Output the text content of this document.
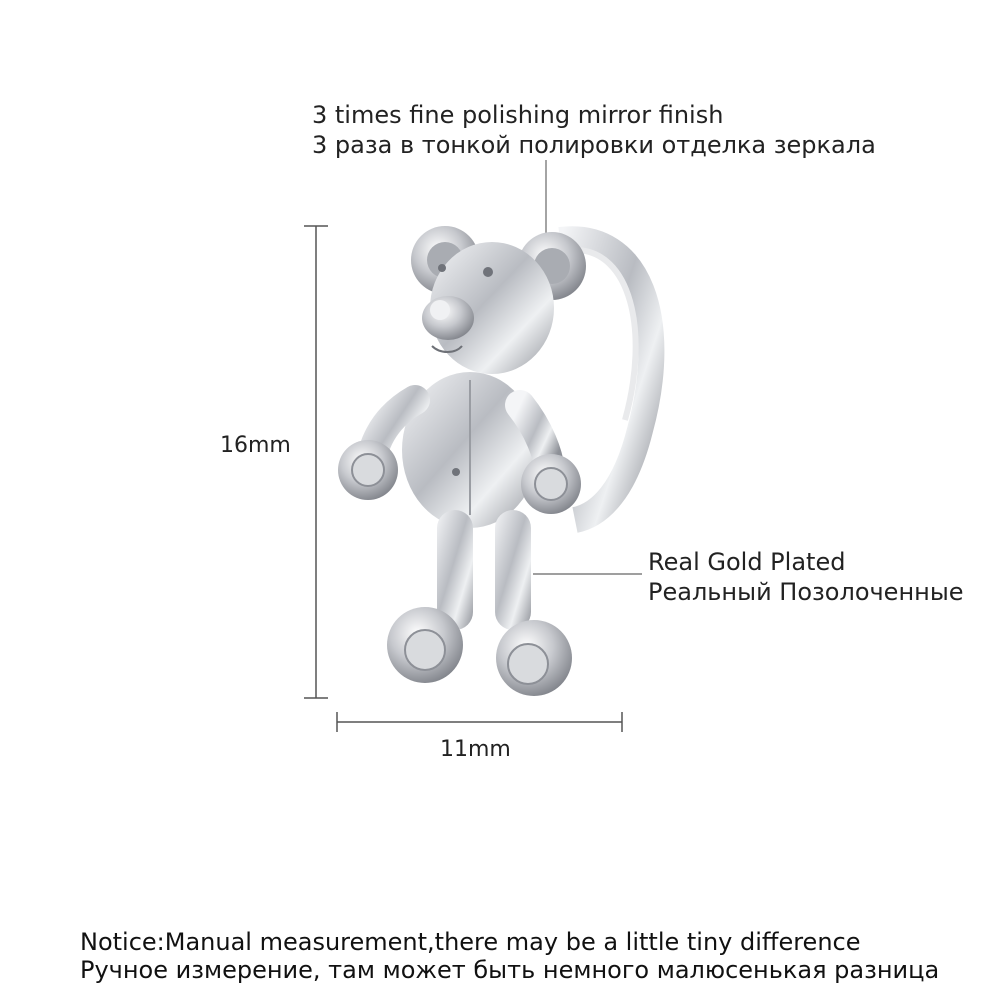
3 times fine polishing mirror finish
3 раза в тонкой полировки отделка зеркала
Real Gold Plated
Реальный Позолоченные
16mm
11mm
Notice:Manual measurement,there may be a little tiny difference
Ручное измерение, там может быть немного малюсенькая разница
